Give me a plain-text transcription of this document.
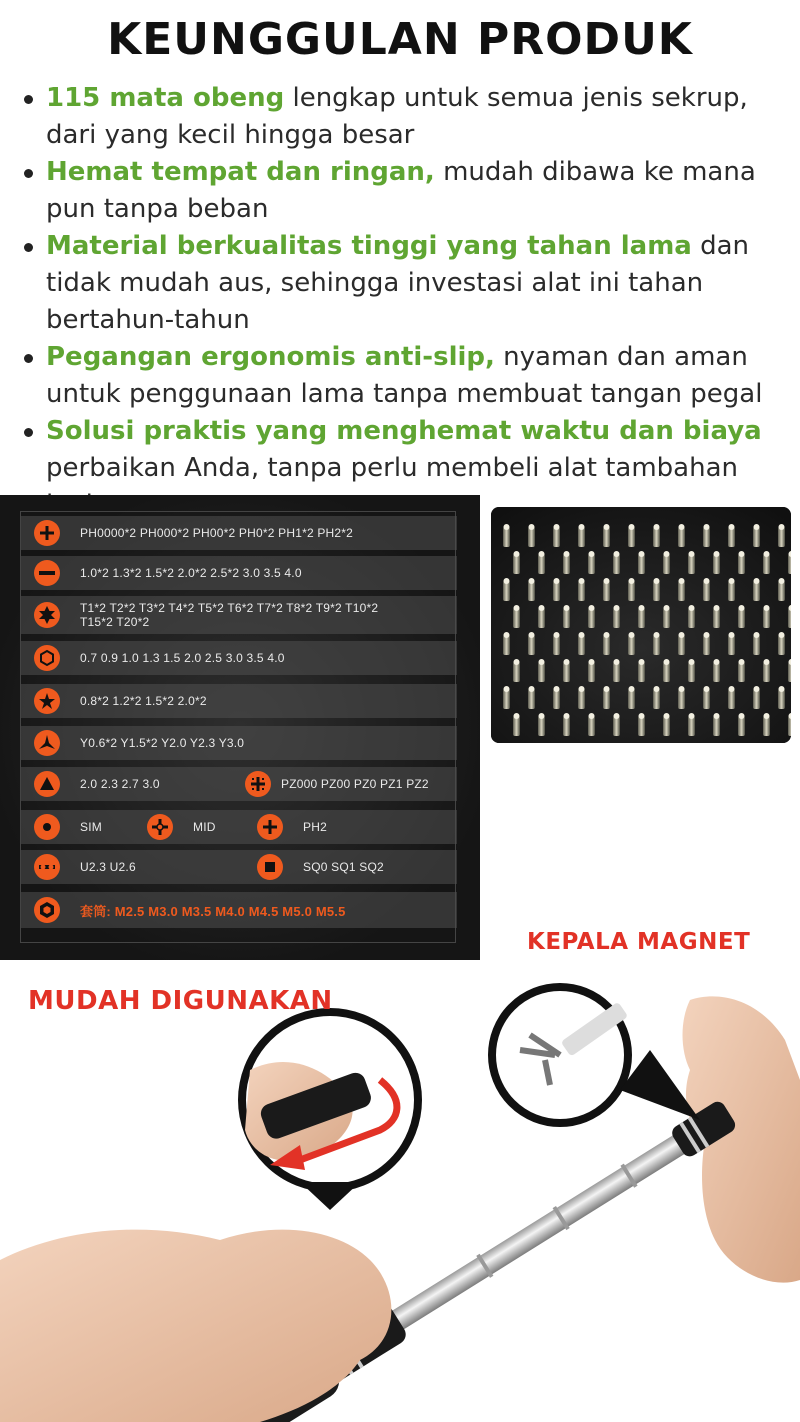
KEUNGGULAN PRODUK
115 mata obeng lengkap untuk semua jenis sekrup, dari yang kecil hingga besar
Hemat tempat dan ringan, mudah dibawa ke mana pun tanpa beban
Material berkualitas tinggi yang tahan lama dan tidak mudah aus, sehingga investasi alat ini tahan bertahun-tahun
Pegangan ergonomis anti-slip, nyaman dan aman untuk penggunaan lama tanpa membuat tangan pegal
Solusi praktis yang menghemat waktu dan biaya perbaikan Anda, tanpa perlu membeli alat tambahan
PH0000*2 PH000*2 PH00*2 PH0*2 PH1*2 PH2*2
1.0*2 1.3*2 1.5*2 2.0*2 2.5*2 3.0 3.5 4.0
T1*2 T2*2 T3*2 T4*2 T5*2 T6*2 T7*2 T8*2 T9*2 T10*2
T15*2 T20*2
0.7 0.9 1.0 1.3 1.5 2.0 2.5 3.0 3.5 4.0
0.8*2 1.2*2 1.5*2 2.0*2
Y0.6*2 Y1.5*2 Y2.0 Y2.3 Y3.0
2.0 2.3 2.7 3.0	PZ000 PZ00 PZ0 PZ1 PZ2
SIM	MID	PH2
U2.3 U2.6	SQ0 SQ1 SQ2
套筒: M2.5 M3.0 M3.5 M4.0 M4.5 M5.0 M5.5
KEPALA MAGNET
MUDAH DIGUNAKAN
